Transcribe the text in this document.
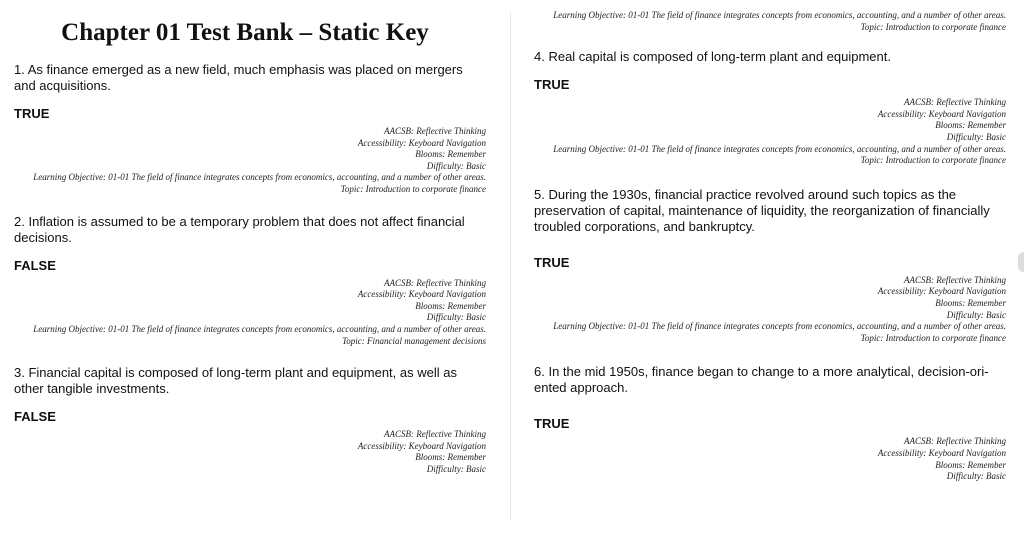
Chapter 01 Test Bank – Static Key

1. As finance emerged as a new field, much emphasis was placed on mergers and acquisitions.

TRUE
AACSB: Reflective Thinking
Accessibility: Keyboard Navigation
Blooms: Remember
Difficulty: Basic
Learning Objective: 01-01 The field of finance integrates concepts from economics, accounting, and a number of other areas.
Topic: Introduction to corporate finance

2. Inflation is assumed to be a temporary problem that does not affect financial decisions.

FALSE
AACSB: Reflective Thinking
Accessibility: Keyboard Navigation
Blooms: Remember
Difficulty: Basic
Learning Objective: 01-01 The field of finance integrates concepts from economics, accounting, and a number of other areas.
Topic: Financial management decisions

3. Financial capital is composed of long-term plant and equipment, as well as other tangible investments.

FALSE
AACSB: Reflective Thinking
Accessibility: Keyboard Navigation
Blooms: Remember
Difficulty: Basic
Learning Objective: 01-01 The field of finance integrates concepts from economics, accounting, and a number of other areas.
Topic: Introduction to corporate finance

4. Real capital is composed of long-term plant and equipment.

TRUE
AACSB: Reflective Thinking
Accessibility: Keyboard Navigation
Blooms: Remember
Difficulty: Basic
Learning Objective: 01-01 The field of finance integrates concepts from economics, accounting, and a number of other areas.
Topic: Introduction to corporate finance

5. During the 1930s, financial practice revolved around such topics as the preservation of capital, maintenance of liquidity, the reorganization of financially troubled corporations, and bankruptcy.

TRUE
AACSB: Reflective Thinking
Accessibility: Keyboard Navigation
Blooms: Remember
Difficulty: Basic
Learning Objective: 01-01 The field of finance integrates concepts from economics, accounting, and a number of other areas.
Topic: Introduction to corporate finance

6. In the mid 1950s, finance began to change to a more analytical, decision-oriented approach.

TRUE
AACSB: Reflective Thinking
Accessibility: Keyboard Navigation
Blooms: Remember
Difficulty: Basic
